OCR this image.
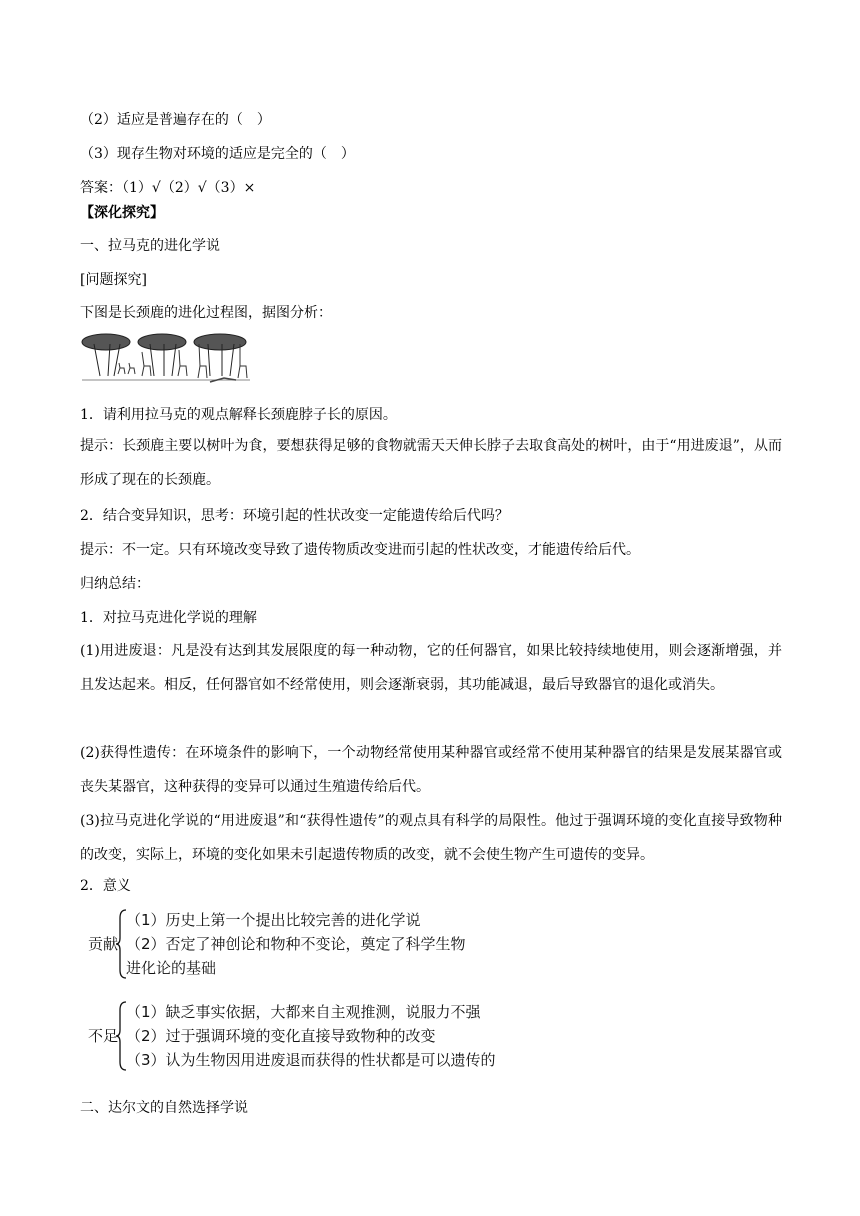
（2）适应是普遍存在的（　）
（3）现存生物对环境的适应是完全的（　）
答案：（1）√（2）√（3）×
【深化探究】
一、拉马克的进化学说
[问题探究]
下图是长颈鹿的进化过程图，据图分析：
1．请利用拉马克的观点解释长颈鹿脖子长的原因。
提示：长颈鹿主要以树叶为食，要想获得足够的食物就需天天伸长脖子去取食高处的树叶，由于“用进废退”，从而形成了现在的长颈鹿。
2．结合变异知识，思考：环境引起的性状改变一定能遗传给后代吗？
提示：不一定。只有环境改变导致了遗传物质改变进而引起的性状改变，才能遗传给后代。
归纳总结：
1．对拉马克进化学说的理解
(1)用进废退：凡是没有达到其发展限度的每一种动物，它的任何器官，如果比较持续地使用，则会逐渐增强，并且发达起来。相反，任何器官如不经常使用，则会逐渐衰弱，其功能减退，最后导致器官的退化或消失。
(2)获得性遗传：在环境条件的影响下，一个动物经常使用某种器官或经常不使用某种器官的结果是发展某器官或丧失某器官，这种获得的变异可以通过生殖遗传给后代。
(3)拉马克进化学说的“用进废退”和“获得性遗传”的观点具有科学的局限性。他过于强调环境的变化直接导致物种的改变，实际上，环境的变化如果未引起遗传物质的改变，就不会使生物产生可遗传的变异。
2．意义
贡献
（1）历史上第一个提出比较完善的进化学说
（2）否定了神创论和物种不变论，奠定了科学生物
进化论的基础
不足
（1）缺乏事实依据，大都来自主观推测，说服力不强
（2）过于强调环境的变化直接导致物种的改变
（3）认为生物因用进废退而获得的性状都是可以遗传的
二、达尔文的自然选择学说
